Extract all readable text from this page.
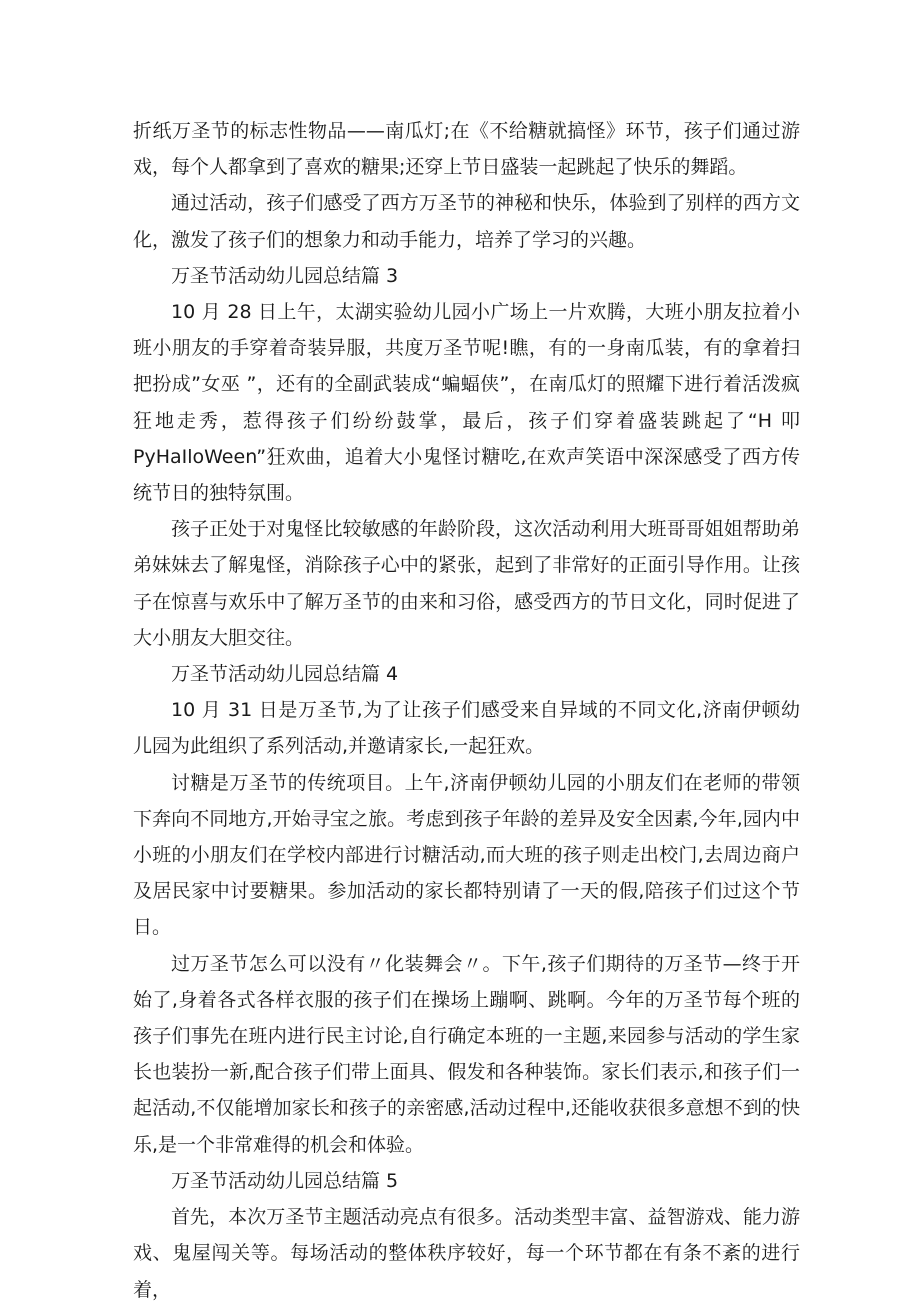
折纸万圣节的标志性物品——南瓜灯;在《不给糖就搞怪》环节，孩子们通过游戏，每个人都拿到了喜欢的糖果;还穿上节日盛装一起跳起了快乐的舞蹈。

通过活动，孩子们感受了西方万圣节的神秘和快乐，体验到了别样的西方文化，激发了孩子们的想象力和动手能力，培养了学习的兴趣。

万圣节活动幼儿园总结篇 3

10 月 28 日上午，太湖实验幼儿园小广场上一片欢腾，大班小朋友拉着小班小朋友的手穿着奇装异服，共度万圣节呢!瞧，有的一身南瓜装，有的拿着扫把扮成”女巫 ”，还有的全副武装成“蝙蝠侠”，在南瓜灯的照耀下进行着活泼疯狂地走秀，惹得孩子们纷纷鼓掌，最后，孩子们穿着盛装跳起了“H 叩 PyHaIloWeen”狂欢曲，追着大小鬼怪讨糖吃,在欢声笑语中深深感受了西方传统节日的独特氛围。

孩子正处于对鬼怪比较敏感的年龄阶段，这次活动利用大班哥哥姐姐帮助弟弟妹妹去了解鬼怪，消除孩子心中的紧张，起到了非常好的正面引导作用。让孩子在惊喜与欢乐中了解万圣节的由来和习俗，感受西方的节日文化，同时促进了大小朋友大胆交往。

万圣节活动幼儿园总结篇 4

10 月 31 日是万圣节,为了让孩子们感受来自异域的不同文化,济南伊顿幼儿园为此组织了系列活动,并邀请家长,一起狂欢。

讨糖是万圣节的传统项目。上午,济南伊顿幼儿园的小朋友们在老师的带领下奔向不同地方,开始寻宝之旅。考虑到孩子年龄的差异及安全因素,今年,园内中小班的小朋友们在学校内部进行讨糖活动,而大班的孩子则走出校门,去周边商户及居民家中讨要糖果。参加活动的家长都特别请了一天的假,陪孩子们过这个节日。

过万圣节怎么可以没有〃化装舞会〃。下午,孩子们期待的万圣节—终于开始了,身着各式各样衣服的孩子们在操场上蹦啊、跳啊。今年的万圣节每个班的孩子们事先在班内进行民主讨论,自行确定本班的一主题,来园参与活动的学生家长也装扮一新,配合孩子们带上面具、假发和各种装饰。家长们表示,和孩子们一起活动,不仅能增加家长和孩子的亲密感,活动过程中,还能收获很多意想不到的快乐,是一个非常难得的机会和体验。

万圣节活动幼儿园总结篇 5

首先，本次万圣节主题活动亮点有很多。活动类型丰富、益智游戏、能力游戏、鬼屋闯关等。每场活动的整体秩序较好，每一个环节都在有条不紊的进行着，
